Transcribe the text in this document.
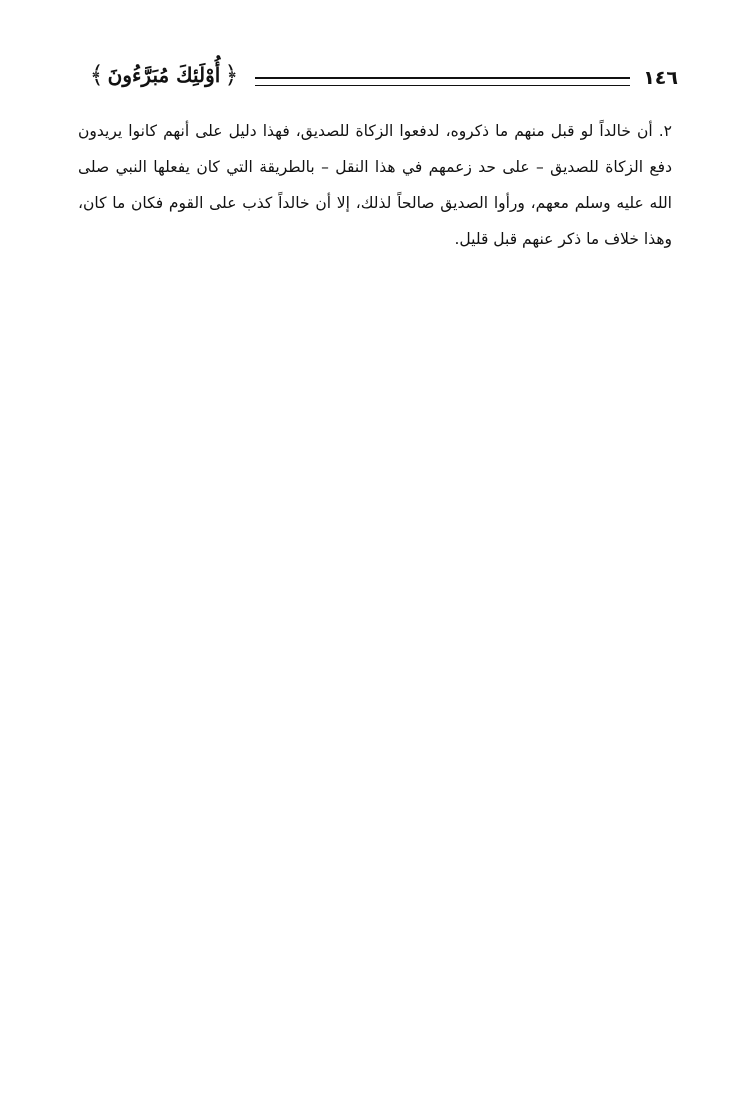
١٤٦
﴿
أُوْلَئِكَ مُبَرَّءُونَ
﴾

٢. أن خالداً لو قبل منهم ما ذكروه، لدفعوا الزكاة للصديق، فهذا دليل على أنهم كانوا يريدون دفع الزكاة للصديق – على حد زعمهم في هذا النقل – بالطريقة التي كان يفعلها النبي صلى الله عليه وسلم معهم، ورأوا الصديق صالحاً لذلك، إلا أن خالداً كذب على القوم فكان ما كان، وهذا خلاف ما ذكر عنهم قبل قليل.
